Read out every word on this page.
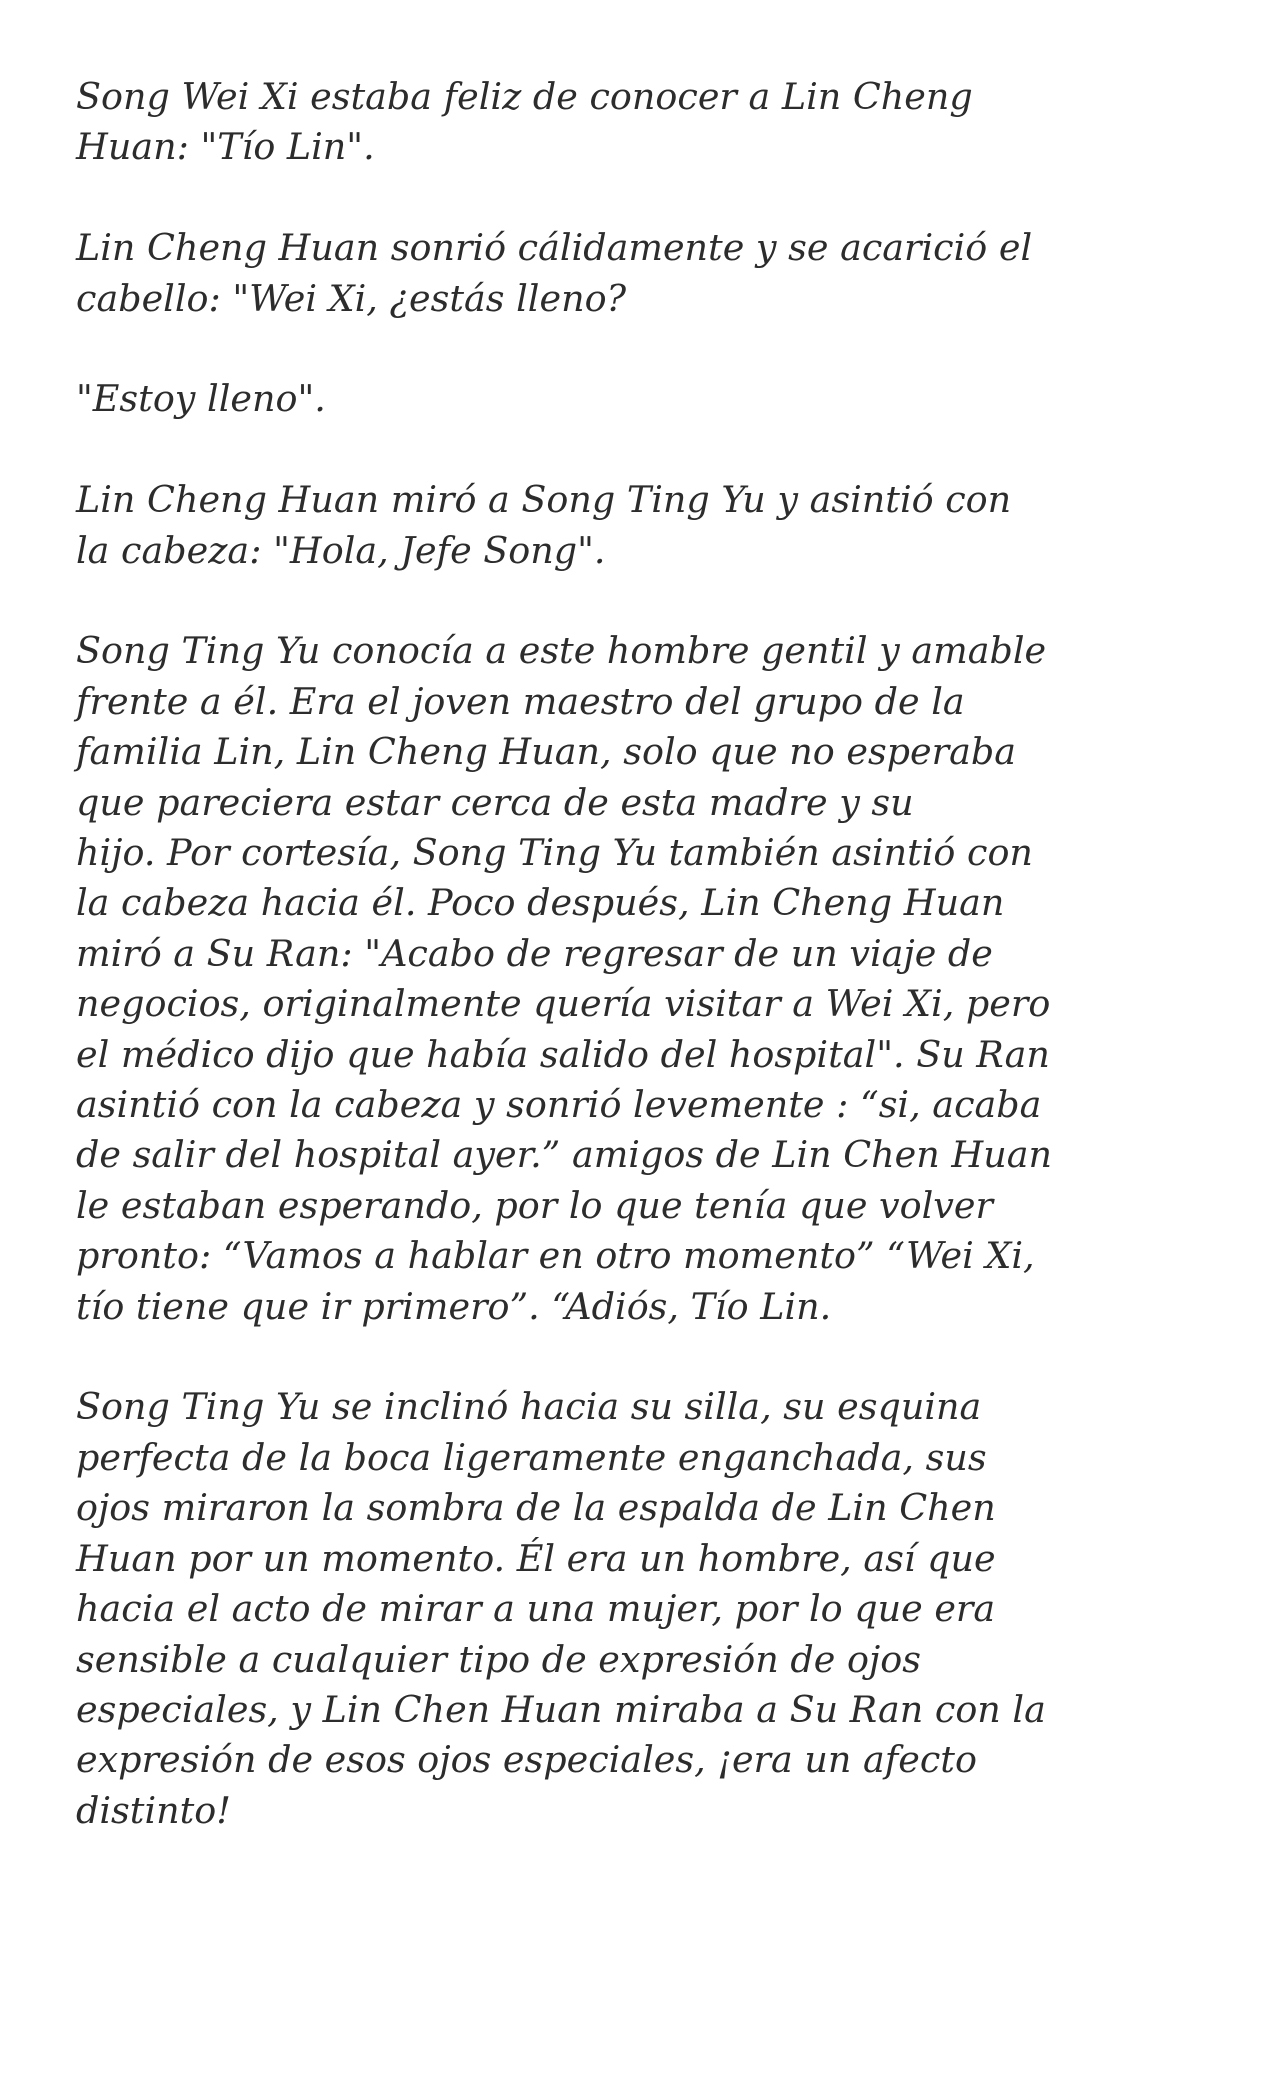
Song Wei Xi estaba feliz de conocer a Lin Cheng
Huan: "Tío Lin".

Lin Cheng Huan sonrió cálidamente y se acarició el
cabello: "Wei Xi, ¿estás lleno?

"Estoy lleno".

Lin Cheng Huan miró a Song Ting Yu y asintió con
la cabeza: "Hola, Jefe Song".

Song Ting Yu conocía a este hombre gentil y amable
frente a él. Era el joven maestro del grupo de la
familia Lin, Lin Cheng Huan, solo que no esperaba
que pareciera estar cerca de esta madre y su
hijo. Por cortesía, Song Ting Yu también asintió con
la cabeza hacia él. Poco después, Lin Cheng Huan
miró a Su Ran: "Acabo de regresar de un viaje de
negocios, originalmente quería visitar a Wei Xi, pero
el médico dijo que había salido del hospital". Su Ran
asintió con la cabeza y sonrió levemente : “si, acaba
de salir del hospital ayer.” amigos de Lin Chen Huan
le estaban esperando, por lo que tenía que volver
pronto: “Vamos a hablar en otro momento” “Wei Xi,
tío tiene que ir primero”. “Adiós, Tío Lin.

Song Ting Yu se inclinó hacia su silla, su esquina
perfecta de la boca ligeramente enganchada, sus
ojos miraron la sombra de la espalda de Lin Chen
Huan por un momento. Él era un hombre, así que
hacia el acto de mirar a una mujer, por lo que era
sensible a cualquier tipo de expresión de ojos
especiales, y Lin Chen Huan miraba a Su Ran con la
expresión de esos ojos especiales, ¡era un afecto
distinto!
